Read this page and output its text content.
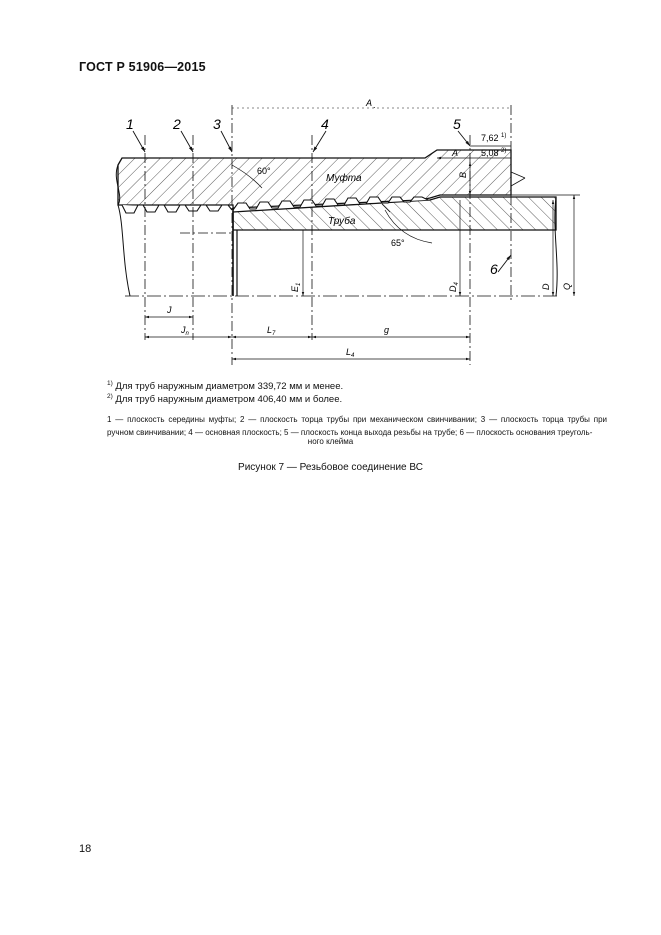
ГОСТ Р 51906—2015
1	2 3	4	5
6
A .
7,62 1)
5,08 2)
A
B
$E_1$
$D_4$	D Q
60°
65°
Муфта
Труба
J
$J_n$	$L_7$	g
$L_4$
$^{1)}$ Для труб наружным диаметром 339,72 мм и менее.
$^{2)}$ Для труб наружным диаметром 406,40 мм и более.
1 — плоскость середины муфты; 2 — плоскость торца трубы при механическом свинчивании; 3 — плоскость торца трубы при ручном свинчивании; 4 — основная плоскость; 5 — плоскость конца выхода резьбы на трубе; 6 — плоскость основания треуголь-
ного клейма
Рисунок 7 — Резьбовое соединение ВС
18
